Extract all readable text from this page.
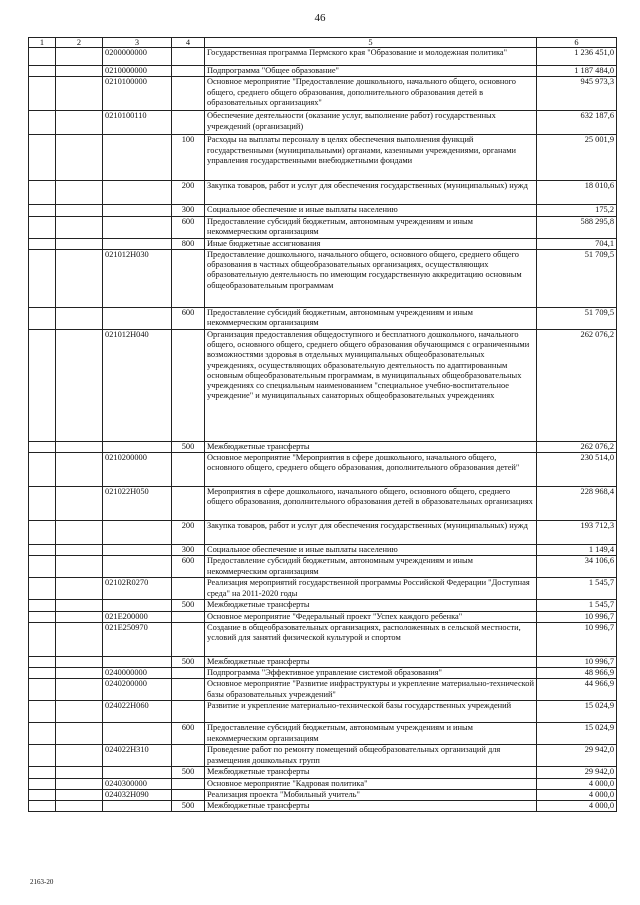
46
1	2	3	4	5	6
		0200000000		Государственная программа Пермского края "Образование и молодежная политика"	1 236 451,0
		0210000000		Подпрограмма "Общее образование"	1 187 484,0
		0210100000		Основное мероприятие "Предоставление дошкольного, начального общего, основного общего, среднего общего образования, дополнительного образования детей в образовательных организациях"	945 973,3
		0210100110		Обеспечение деятельности (оказание услуг, выполнение работ) государственных учреждений (организаций)	632 187,6
			100	Расходы на выплаты персоналу в целях обеспечения выполнения функций государственными (муниципальными) органами, казенными учреждениями, органами управления государственными внебюджетными фондами	25 001,9
			200	Закупка товаров, работ и услуг для обеспечения государственных (муниципальных) нужд	18 010,6
			300	Социальное обеспечение и иные выплаты населению	175,2
			600	Предоставление субсидий бюджетным, автономным учреждениям и иным некоммерческим организациям	588 295,8
			800	Иные бюджетные ассигнования	704,1
		021012Н030		Предоставление дошкольного, начального общего, основного общего, среднего общего образования в частных общеобразовательных организациях, осуществляющих образовательную деятельность по имеющим государственную аккредитацию основным общеобразовательным программам	51 709,5
			600	Предоставление субсидий бюджетным, автономным учреждениям и иным некоммерческим организациям	51 709,5
		021012Н040		Организация предоставления общедоступного и бесплатного дошкольного, начального общего, основного общего, среднего общего образования обучающимся с ограниченными возможностями здоровья в отдельных муниципальных общеобразовательных учреждениях, осуществляющих образовательную деятельность по адаптированным основным общеобразовательным программам, в муниципальных общеобразовательных учреждениях со специальным наименованием "специальное учебно-воспитательное учреждение" и муниципальных санаторных общеобразовательных учреждениях	262 076,2
			500	Межбюджетные трансферты	262 076,2
		0210200000		Основное мероприятие "Мероприятия в сфере дошкольного, начального общего, основного общего, среднего общего образования, дополнительного образования детей"	230 514,0
		021022Н050		Мероприятия в сфере дошкольного, начального общего, основного общего, среднего общего образования, дополнительного образования детей в образовательных организациях	228 968,4
			200	Закупка товаров, работ и услуг для обеспечения государственных (муниципальных) нужд	193 712,3
			300	Социальное обеспечение и иные выплаты населению	1 149,4
			600	Предоставление субсидий бюджетным, автономным учреждениям и иным некоммерческим организациям	34 106,6
		02102R0270		Реализация мероприятий государственной программы Российской Федерации "Доступная среда" на 2011-2020 годы	1 545,7
			500	Межбюджетные трансферты	1 545,7
		021E200000		Основное мероприятие "Федеральный проект "Успех каждого ребенка"	10 996,7
		021E250970		Создание в общеобразовательных организациях, расположенных в сельской местности, условий для занятий физической культурой и спортом	10 996,7
			500	Межбюджетные трансферты	10 996,7
		0240000000		Подпрограмма "Эффективное управление системой образования"	48 966,9
		0240200000		Основное мероприятие "Развитие инфраструктуры и укрепление материально-технической базы образовательных учреждений"	44 966,9
		024022Н060		Развитие и укрепление материально-технической базы государственных учреждений	15 024,9
			600	Предоставление субсидий бюджетным, автономным учреждениям и иным некоммерческим организациям	15 024,9
		024022Н310		Проведение работ по ремонту помещений общеобразовательных организаций для размещения дошкольных групп	29 942,0
			500	Межбюджетные трансферты	29 942,0
		0240300000		Основное мероприятие "Кадровая политика"	4 000,0
		024032Н090		Реализация проекта "Мобильный учитель"	4 000,0
			500	Межбюджетные трансферты	4 000,0
2163-20
